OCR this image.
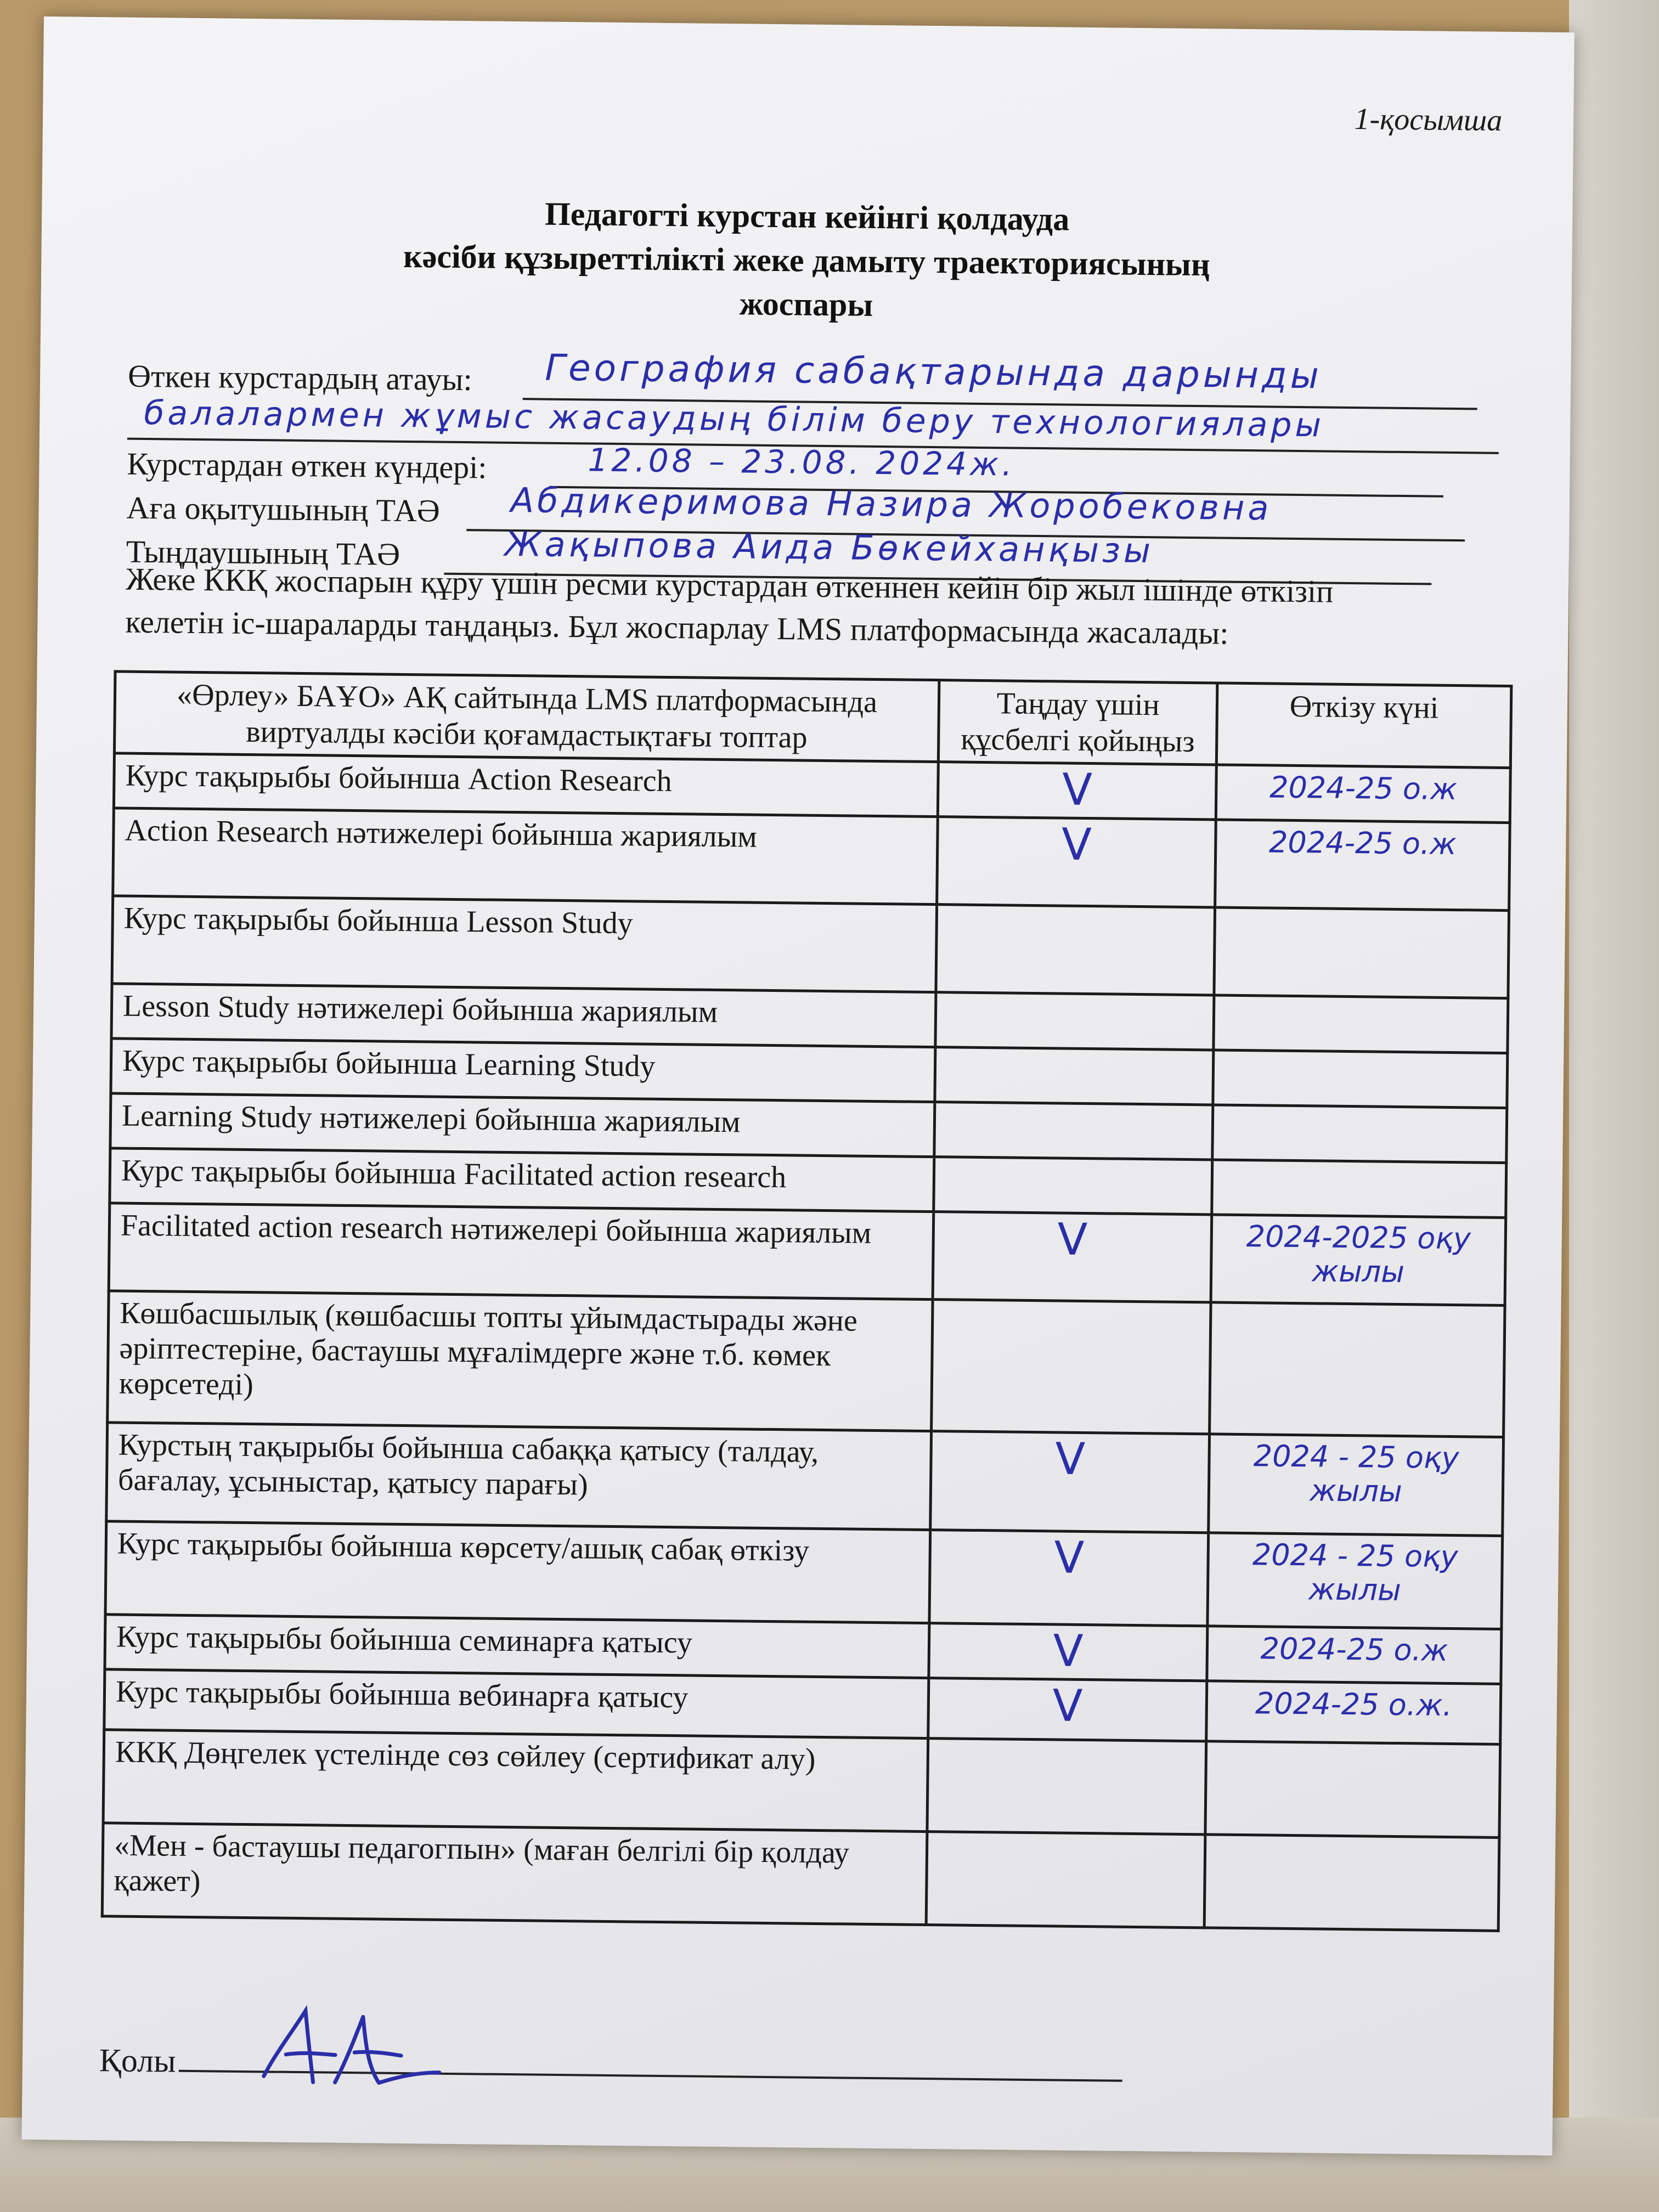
1-қосымша
Педагогті курстан кейінгі қолдауда
кәсіби құзыреттілікті жеке дамыту траекториясының
жоспары
Өткен курстардың атауы: География сабақтарында дарынды
балалармен жұмыс жасаудың білім беру технологиялары
Курстардан өткен күндері:	12.08 – 23.08. 2024ж.
Аға оқытушының ТАӘ Абдикеримова Назира Жоробековна
Тыңдаушының ТАӘ	Жақыпова Аида Бөкейханқызы
Жеке ККҚ жоспарын құру үшін ресми курстардан өткеннен кейін бір жыл ішінде өткізіп
келетін іс-шараларды таңдаңыз. Бұл жоспарлау LMS платформасында жасалады:
«Өрлеу» БАҰО» АҚ сайтында LMS платформасында виртуалды кәсіби қоғамдастықтағы топтар	Таңдау үшін құсбелгі қойыңыз	Өткізу күні
Курс тақырыбы бойынша Action Research	V	2024-25 о.ж
Action Research нәтижелері бойынша жариялым	V	2024-25 о.ж
Курс тақырыбы бойынша Lesson Study		
Lesson Study нәтижелері бойынша жариялым		
Курс тақырыбы бойынша Learning Study		
Learning Study нәтижелері бойынша жариялым		
Курс тақырыбы бойынша Facilitated action research		
Facilitated action research нәтижелері бойынша жариялым	V	2024-2025 оқу жылы
Көшбасшылық (көшбасшы топты ұйымдастырады және әріптестеріне, бастаушы мұғалімдерге және т.б. көмек көрсетеді)		
Курстың тақырыбы бойынша сабаққа қатысу (талдау, бағалау, ұсыныстар, қатысу парағы)	V	2024 - 25 оқу жылы
Курс тақырыбы бойынша көрсету/ашық сабақ өткізу	V	2024 - 25 оқу жылы
Курс тақырыбы бойынша семинарға қатысу	V	2024-25 о.ж
Курс тақырыбы бойынша вебинарға қатысу	V	2024-25 о.ж.
ККҚ Дөңгелек үстелінде сөз сөйлеу (сертификат алу)		
«Мен - бастаушы педагогпын» (маған белгілі бір қолдау қажет)		
Қолы
